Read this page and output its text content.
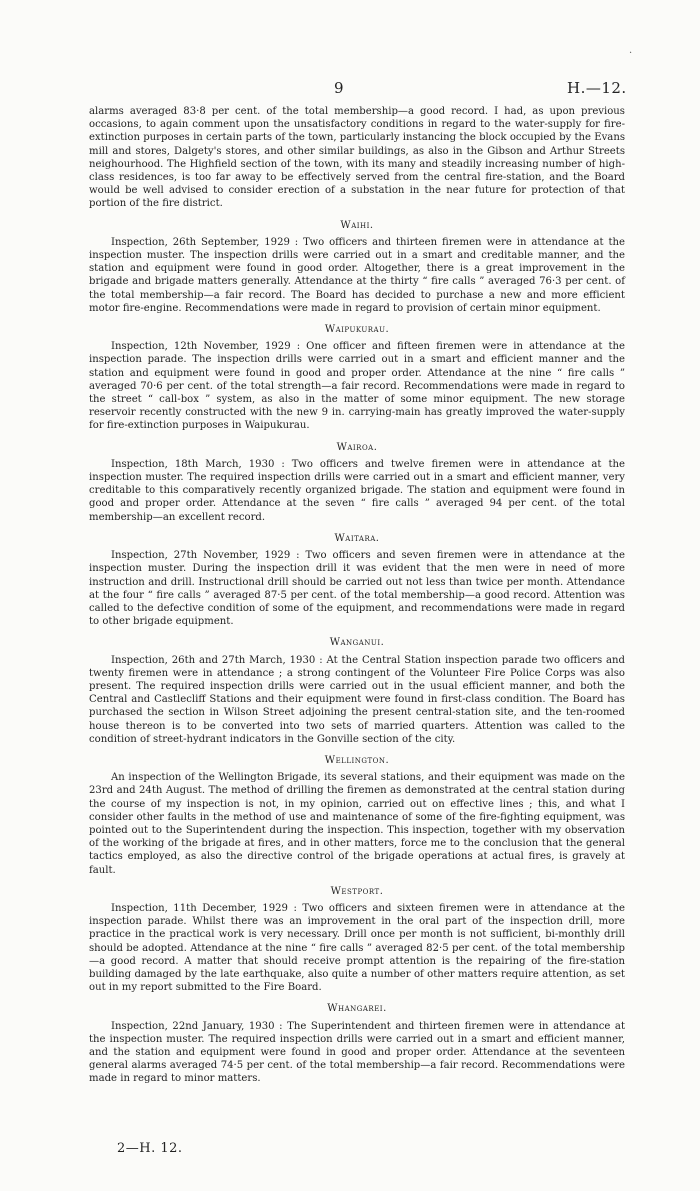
·
9	H.—12.

alarms averaged 83·8 per cent. of the total membership—a good record. I had, as upon previous occasions, to again comment upon the unsatisfactory conditions in regard to the water-supply for fire-extinction purposes in certain parts of the town, particularly instancing the block occupied by the Evans mill and stores, Dalgety's stores, and other similar buildings, as also in the Gibson and Arthur Streets neighourhood. The Highfield section of the town, with its many and steadily increasing number of high-class residences, is too far away to be effectively served from the central fire-station, and the Board would be well advised to consider erection of a substation in the near future for protection of that portion of the fire district.

Waihi.

Inspection, 26th September, 1929 : Two officers and thirteen firemen were in attendance at the inspection muster. The inspection drills were carried out in a smart and creditable manner, and the station and equipment were found in good order. Altogether, there is a great improvement in the brigade and brigade matters generally. Attendance at the thirty “ fire calls ” averaged 76·3 per cent. of the total membership—a fair record. The Board has decided to purchase a new and more efficient motor fire-engine. Recommendations were made in regard to provision of certain minor equipment.

Waipukurau.

Inspection, 12th November, 1929 : One officer and fifteen firemen were in attendance at the inspection parade. The inspection drills were carried out in a smart and efficient manner and the station and equipment were found in good and proper order. Attendance at the nine “ fire calls ” averaged 70·6 per cent. of the total strength—a fair record. Recommendations were made in regard to the street “ call-box ” system, as also in the matter of some minor equipment. The new storage reservoir recently constructed with the new 9 in. carrying-main has greatly improved the water-supply for fire-extinction purposes in Waipukurau.

Wairoa.

Inspection, 18th March, 1930 : Two officers and twelve firemen were in attendance at the inspection muster. The required inspection drills were carried out in a smart and efficient manner, very creditable to this comparatively recently organized brigade. The station and equipment were found in good and proper order. Attendance at the seven “ fire calls ” averaged 94 per cent. of the total membership—an excellent record.

Waitara.

Inspection, 27th November, 1929 : Two officers and seven firemen were in attendance at the inspection muster. During the inspection drill it was evident that the men were in need of more instruction and drill. Instructional drill should be carried out not less than twice per month. Attendance at the four “ fire calls ” averaged 87·5 per cent. of the total membership—a good record. Attention was called to the defective condition of some of the equipment, and recommendations were made in regard to other brigade equipment.

Wanganui.

Inspection, 26th and 27th March, 1930 : At the Central Station inspection parade two officers and twenty firemen were in attendance ; a strong contingent of the Volunteer Fire Police Corps was also present. The required inspection drills were carried out in the usual efficient manner, and both the Central and Castlecliff Stations and their equipment were found in first-class condition. The Board has purchased the section in Wilson Street adjoining the present central-station site, and the ten-roomed house thereon is to be converted into two sets of married quarters. Attention was called to the condition of street-hydrant indicators in the Gonville section of the city.

Wellington.

An inspection of the Wellington Brigade, its several stations, and their equipment was made on the 23rd and 24th August. The method of drilling the firemen as demonstrated at the central station during the course of my inspection is not, in my opinion, carried out on effective lines ; this, and what I consider other faults in the method of use and maintenance of some of the fire-fighting equipment, was pointed out to the Superintendent during the inspection. This inspection, together with my observation of the working of the brigade at fires, and in other matters, force me to the conclusion that the general tactics employed, as also the directive control of the brigade operations at actual fires, is gravely at fault.

Westport.

Inspection, 11th December, 1929 : Two officers and sixteen firemen were in attendance at the inspection parade. Whilst there was an improvement in the oral part of the inspection drill, more practice in the practical work is very necessary. Drill once per month is not sufficient, bi-monthly drill should be adopted. Attendance at the nine “ fire calls ” averaged 82·5 per cent. of the total membership—a good record. A matter that should receive prompt attention is the repairing of the fire-station building damaged by the late earthquake, also quite a number of other matters require attention, as set out in my report submitted to the Fire Board.

Whangarei.

Inspection, 22nd January, 1930 : The Superintendent and thirteen firemen were in attendance at the inspection muster. The required inspection drills were carried out in a smart and efficient manner, and the station and equipment were found in good and proper order. Attendance at the seventeen general alarms averaged 74·5 per cent. of the total membership—a fair record. Recommendations were made in regard to minor matters.

2—H. 12.
